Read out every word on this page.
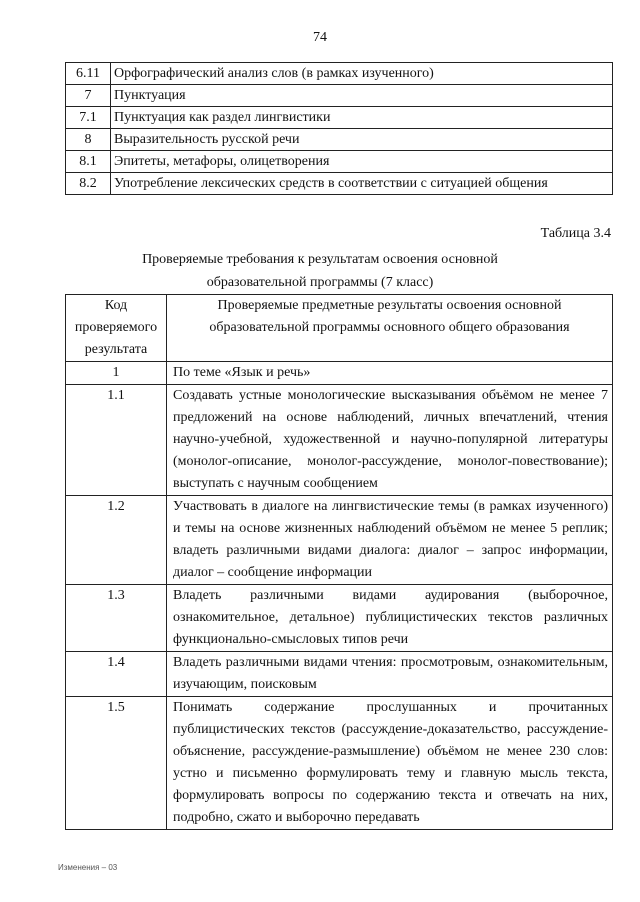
74
6.11	Орфографический анализ слов (в рамках изученного)
7	Пунктуация
7.1	Пунктуация как раздел лингвистики
8	Выразительность русской речи
8.1	Эпитеты, метафоры, олицетворения
8.2	Употребление лексических средств в соответствии с ситуацией общения
Таблица 3.4
Проверяемые требования к результатам освоения основной
образовательной программы (7 класс)
Код проверяемого результата	Проверяемые предметные результаты освоения основной образовательной программы основного общего образования
1	По теме «Язык и речь»
1.1	Создавать устные монологические высказывания объёмом не менее 7 предложений на основе наблюдений, личных впечатлений, чтения научно-учебной, художественной и научно-популярной литературы (монолог-описание, монолог-рассуждение, монолог-повествование); выступать с научным сообщением
1.2	Участвовать в диалоге на лингвистические темы (в рамках изученного) и темы на основе жизненных наблюдений объёмом не менее 5 реплик; владеть различными видами диалога: диалог – запрос информации, диалог – сообщение информации
1.3	Владеть различными видами аудирования (выборочное, ознакомительное, детальное) публицистических текстов различных функционально-смысловых типов речи
1.4	Владеть различными видами чтения: просмотровым, ознакомительным, изучающим, поисковым
1.5	Понимать содержание прослушанных и прочитанных публицистических текстов (рассуждение-доказательство, рассуждение-объяснение, рассуждение-размышление) объёмом не менее 230 слов: устно и письменно формулировать тему и главную мысль текста, формулировать вопросы по содержанию текста и отвечать на них, подробно, сжато и выборочно передавать
Изменения – 03
